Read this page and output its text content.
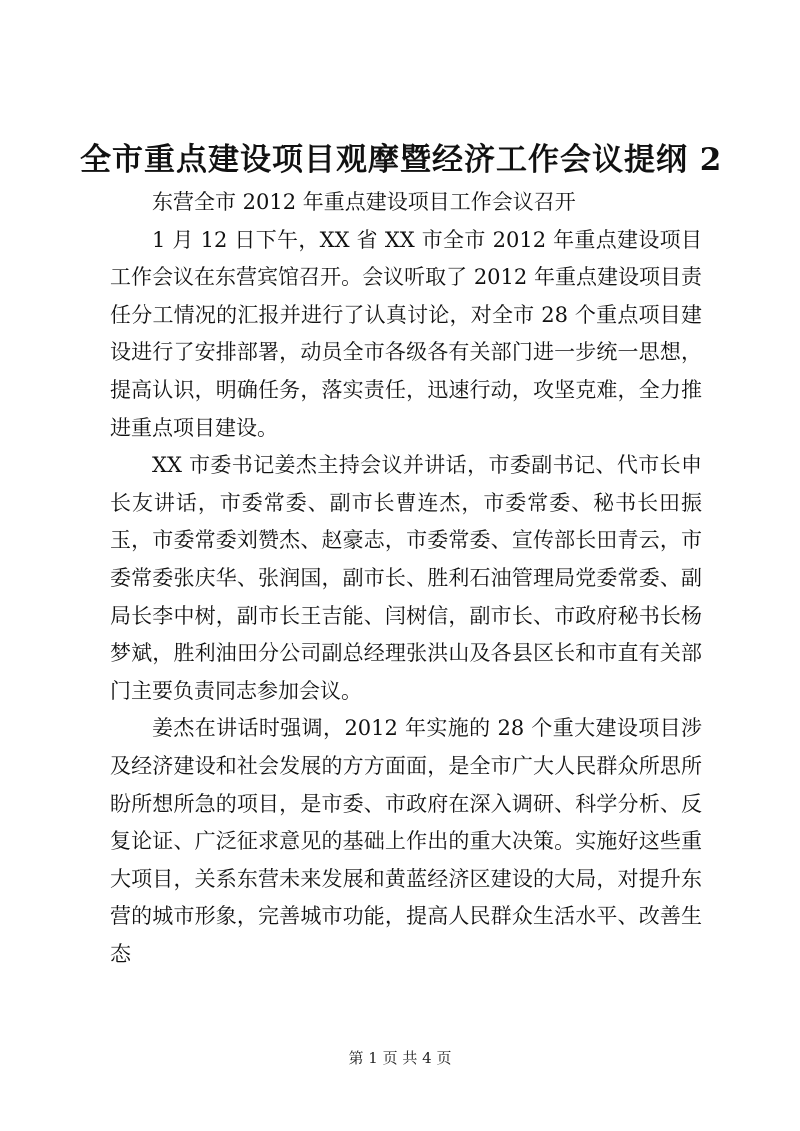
全市重点建设项目观摩暨经济工作会议提纲 2

东营全市 2012 年重点建设项目工作会议召开

1 月 12 日下午，XX 省 XX 市全市 2012 年重点建设项目工作会议在东营宾馆召开。会议听取了 2012 年重点建设项目责任分工情况的汇报并进行了认真讨论，对全市 28 个重点项目建设进行了安排部署，动员全市各级各有关部门进一步统一思想，提高认识，明确任务，落实责任，迅速行动，攻坚克难，全力推进重点项目建设。

XX 市委书记姜杰主持会议并讲话，市委副书记、代市长申长友讲话，市委常委、副市长曹连杰，市委常委、秘书长田振玉，市委常委刘赞杰、赵豪志，市委常委、宣传部长田青云，市委常委张庆华、张润国，副市长、胜利石油管理局党委常委、副局长李中树，副市长王吉能、闫树信，副市长、市政府秘书长杨梦斌，胜利油田分公司副总经理张洪山及各县区长和市直有关部门主要负责同志参加会议。

姜杰在讲话时强调，2012 年实施的 28 个重大建设项目涉及经济建设和社会发展的方方面面，是全市广大人民群众所思所盼所想所急的项目，是市委、市政府在深入调研、科学分析、反复论证、广泛征求意见的基础上作出的重大决策。实施好这些重大项目，关系东营未来发展和黄蓝经济区建设的大局，对提升东营的城市形象，完善城市功能，提高人民群众生活水平、改善生态

第 1 页 共 4 页
